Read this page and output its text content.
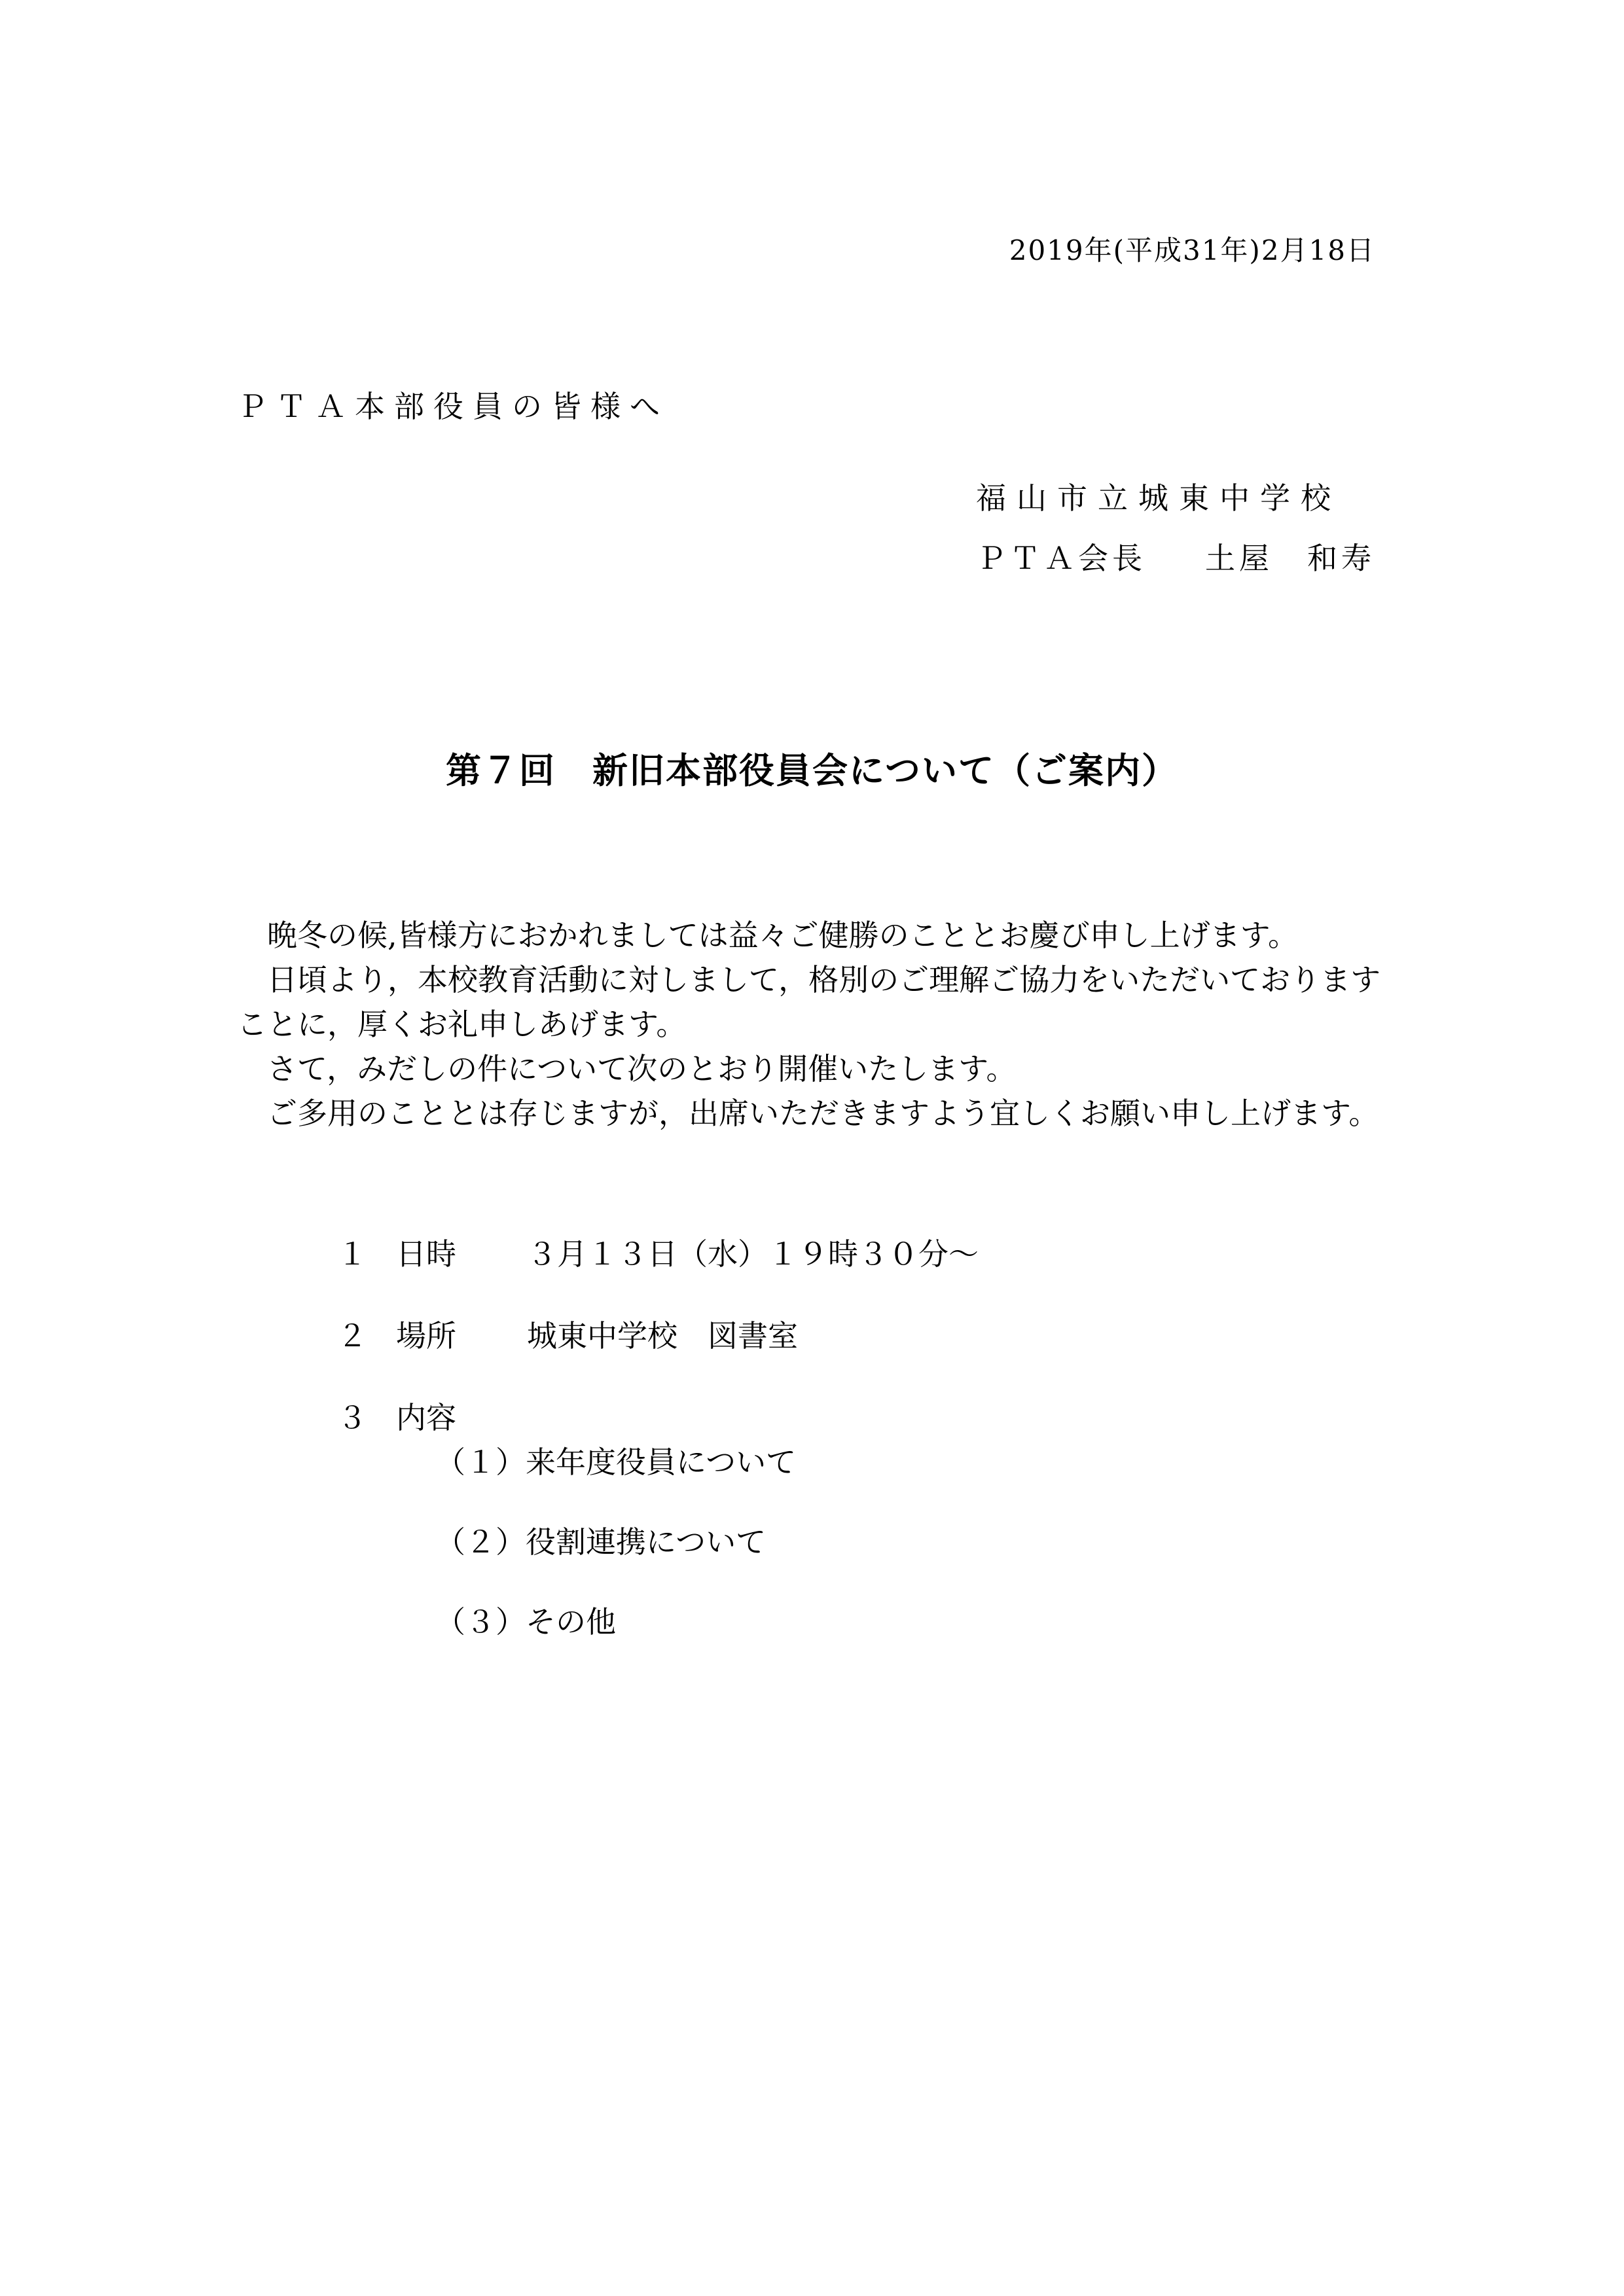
2019年(平成31年)2月18日
ＰＴＡ本部役員の皆様へ
福山市立城東中学校
ＰＴＡ会長 土屋　和寿
第７回　新旧本部役員会について（ご案内）

晩冬の候,皆様方におかれましては益々ご健勝のこととお慶び申し上げます。

日頃より，本校教育活動に対しまして，格別のご理解ご協力をいただいておりますことに，厚くお礼申しあげます。

さて，みだしの件について次のとおり開催いたします。

ご多用のこととは存じますが，出席いただきますよう宜しくお願い申し上げます。

１ 日時 ３月１３日（水）１９時３０分～
２ 場所 城東中学校　図書室
３ 内容
（１）来年度役員について
（２）役割連携について
（３）その他
